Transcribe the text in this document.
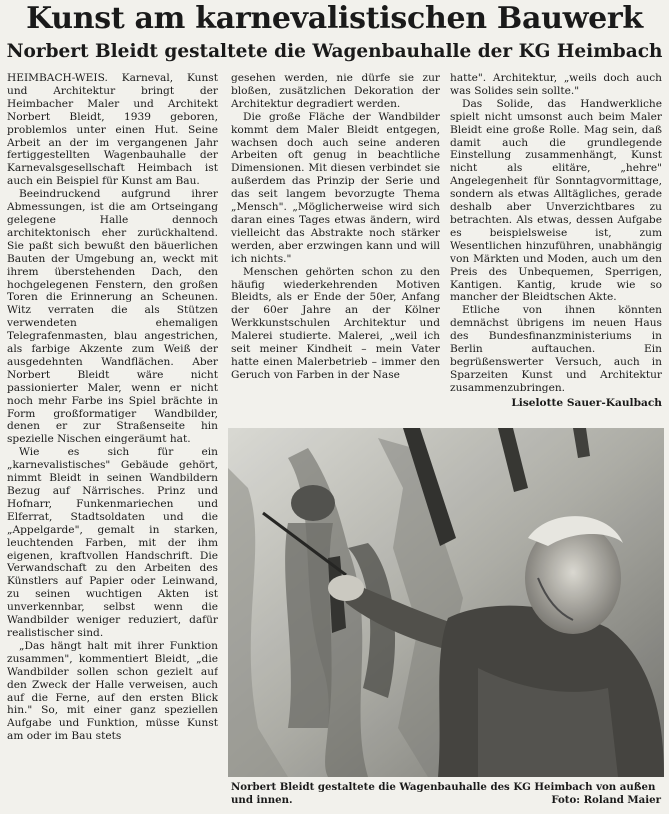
Kunst am karnevalistischen Bauwerk
Norbert Bleidt gestaltete die Wagenbauhalle der KG Heimbach

HEIMBACH-WEIS. Karneval, Kunst und Architektur bringt der Heimbacher Maler und Architekt Norbert Bleidt, 1939 geboren, problemlos unter einen Hut. Seine Arbeit an der im vergangenen Jahr fertiggestellten Wagenbauhalle der Karnevalsgesellschaft Heimbach ist auch ein Beispiel für Kunst am Bau.

Beeindruckend aufgrund ihrer Abmessungen, ist die am Ortseingang gelegene Halle dennoch architektonisch eher zurückhaltend. Sie paßt sich bewußt den bäuerlichen Bauten der Umgebung an, weckt mit ihrem überstehenden Dach, den hochgelegenen Fenstern, den großen Toren die Erinnerung an Scheunen. Witz verraten die als Stützen verwendeten ehemaligen Telegrafenmasten, blau angestrichen, als farbige Akzente zum Weiß der ausgedehnten Wandflächen. Aber Norbert Bleidt wäre nicht passionierter Maler, wenn er nicht noch mehr Farbe ins Spiel brächte in Form großformatiger Wandbilder, denen er zur Straßenseite hin spezielle Nischen eingeräumt hat.

Wie es sich für ein „karnevalistisches" Gebäude gehört, nimmt Bleidt in seinen Wandbildern Bezug auf Närrisches. Prinz und Hofnarr, Funkenmariechen und Elferrat, Stadtsoldaten und die „Appelgarde", gemalt in starken, leuchtenden Farben, mit der ihm eigenen, kraftvollen Handschrift. Die Verwandschaft zu den Arbeiten des Künstlers auf Papier oder Leinwand, zu seinen wuchtigen Akten ist unverkennbar, selbst wenn die Wandbilder weniger reduziert, dafür realistischer sind.

„Das hängt halt mit ihrer Funktion zusammen", kommentiert Bleidt, „die Wandbilder sollen schon gezielt auf den Zweck der Halle verweisen, auch auf die Ferne, auf den ersten Blick hin." So, mit einer ganz speziellen Aufgabe und Funktion, müsse Kunst am oder im Bau stets

gesehen werden, nie dürfe sie zur bloßen, zusätzlichen Dekoration der Architektur degradiert werden.

Die große Fläche der Wandbilder kommt dem Maler Bleidt entgegen, wachsen doch auch seine anderen Arbeiten oft genug in beachtliche Dimensionen. Mit diesen verbindet sie außerdem das Prinzip der Serie und das seit langem bevorzugte Thema „Mensch". „Möglicherweise wird sich daran eines Tages etwas ändern, wird vielleicht das Abstrakte noch stärker werden, aber erzwingen kann und will ich nichts."

Menschen gehörten schon zu den häufig wiederkehrenden Motiven Bleidts, als er Ende der 50er, Anfang der 60er Jahre an der Kölner Werkkunstschulen Architektur und Malerei studierte. Malerei, „weil ich seit meiner Kindheit – mein Vater hatte einen Malerbetrieb – immer den Geruch von Farben in der Nase

hatte". Architektur, „weils doch auch was Solides sein sollte."

Das Solide, das Handwerkliche spielt nicht umsonst auch beim Maler Bleidt eine große Rolle. Mag sein, daß damit auch die grundlegende Einstellung zusammenhängt, Kunst nicht als elitäre, „hehre" Angelegenheit für Sonntagvormittage, sondern als etwas Alltägliches, gerade deshalb aber Unverzichtbares zu betrachten. Als etwas, dessen Aufgabe es beispielsweise ist, zum Wesentlichen hinzuführen, unabhängig von Märkten und Moden, auch um den Preis des Unbequemen, Sperrigen, Kantigen. Kantig, krude wie so mancher der Bleidtschen Akte.

Etliche von ihnen könnten demnächst übrigens im neuen Haus des Bundesfinanzministeriums in Berlin auftauchen. Ein begrüßenswerter Versuch, auch in Sparzeiten Kunst und Architektur zusammenzubringen.

Liselotte Sauer-Kaulbach
Norbert Bleidt gestaltete die Wagenbauhalle des KG Heimbach von außen und innen.	Foto: Roland Maier
